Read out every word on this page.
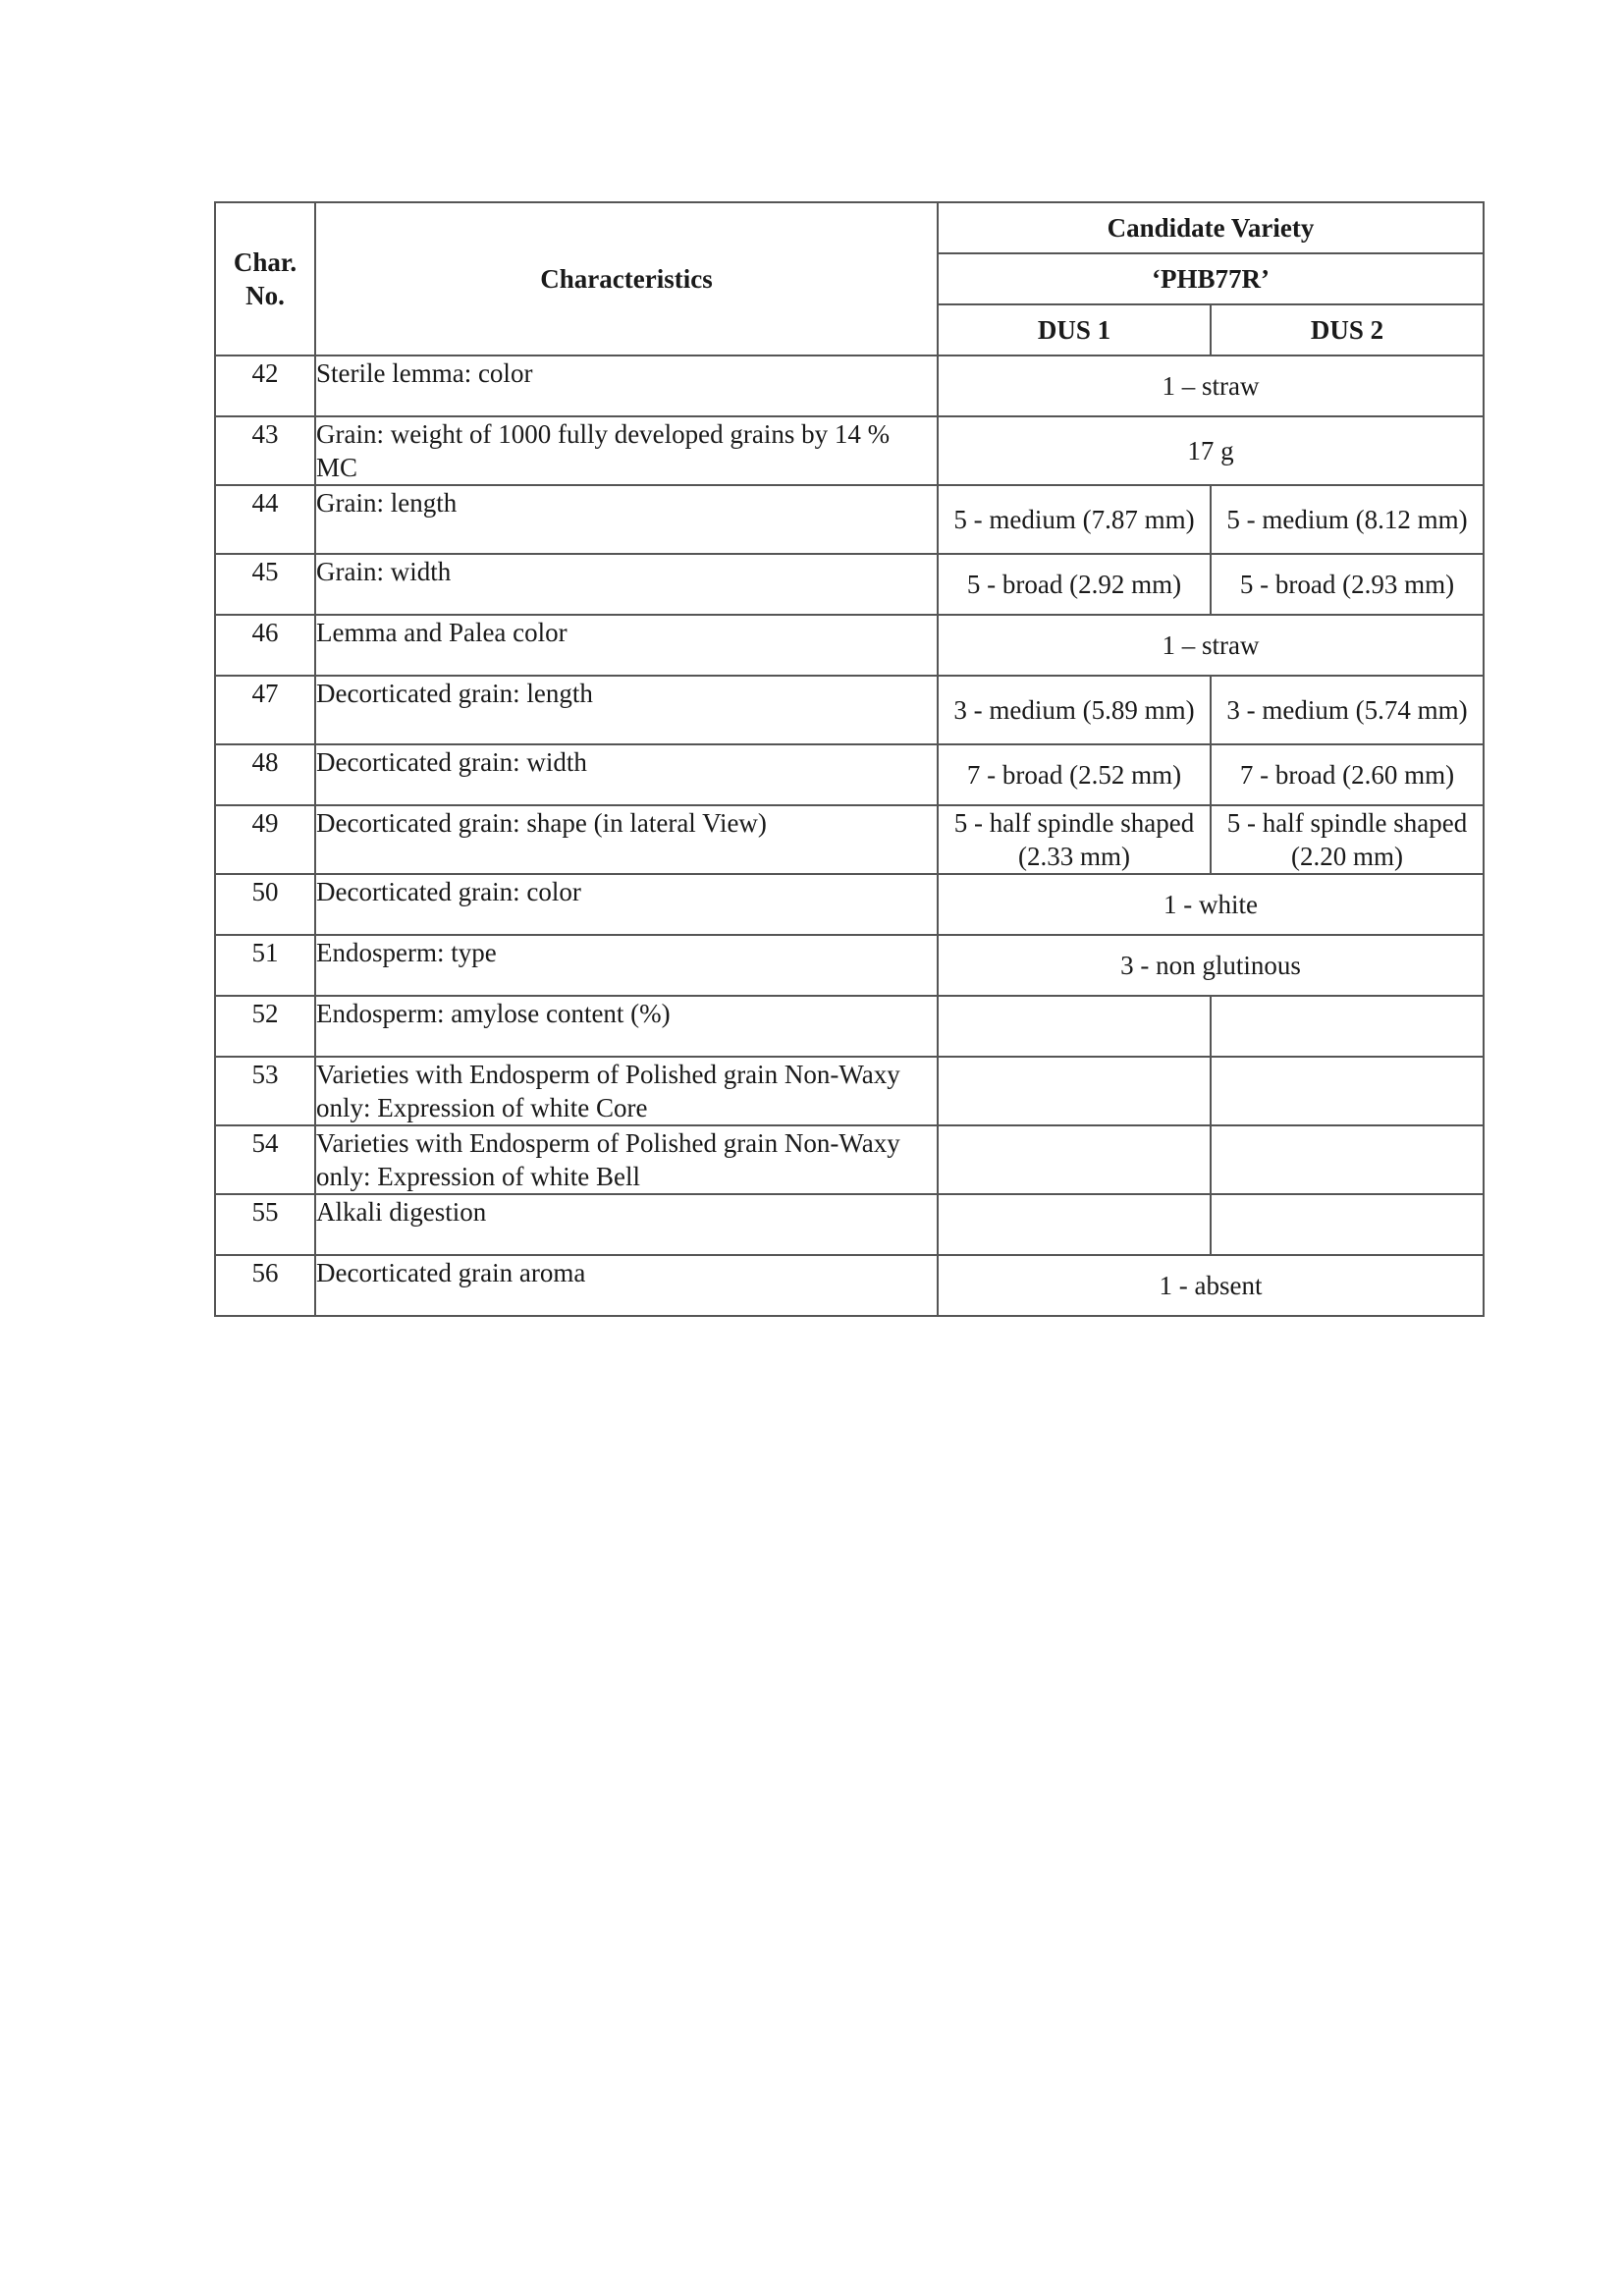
Char. No.	Characteristics	Candidate Variety	
		‘PHB77R’	
		DUS 1	DUS 2
42	Sterile lemma: color	1 – straw	
43	Grain: weight of 1000 fully developed grains by 14 % MC	17 g	
44	Grain: length	5 - medium (7.87 mm)	5 - medium (8.12 mm)
45	Grain: width	5 - broad (2.92 mm)	5 - broad (2.93 mm)
46	Lemma and Palea color	1 – straw	
47	Decorticated grain: length	3 - medium (5.89 mm)	3 - medium (5.74 mm)
48	Decorticated grain: width	7 - broad (2.52 mm)	7 - broad (2.60 mm)
49	Decorticated grain: shape (in lateral View)	5 - half spindle shaped (2.33 mm)	5 - half spindle shaped (2.20 mm)
50	Decorticated grain: color	1 - white	
51	Endosperm: type	3 - non glutinous	
52	Endosperm: amylose content (%)		
53	Varieties with Endosperm of Polished grain Non-Waxy only: Expression of white Core		
54	Varieties with Endosperm of Polished grain Non-Waxy only: Expression of white Bell		
55	Alkali digestion		
56	Decorticated grain aroma	1 - absent	
